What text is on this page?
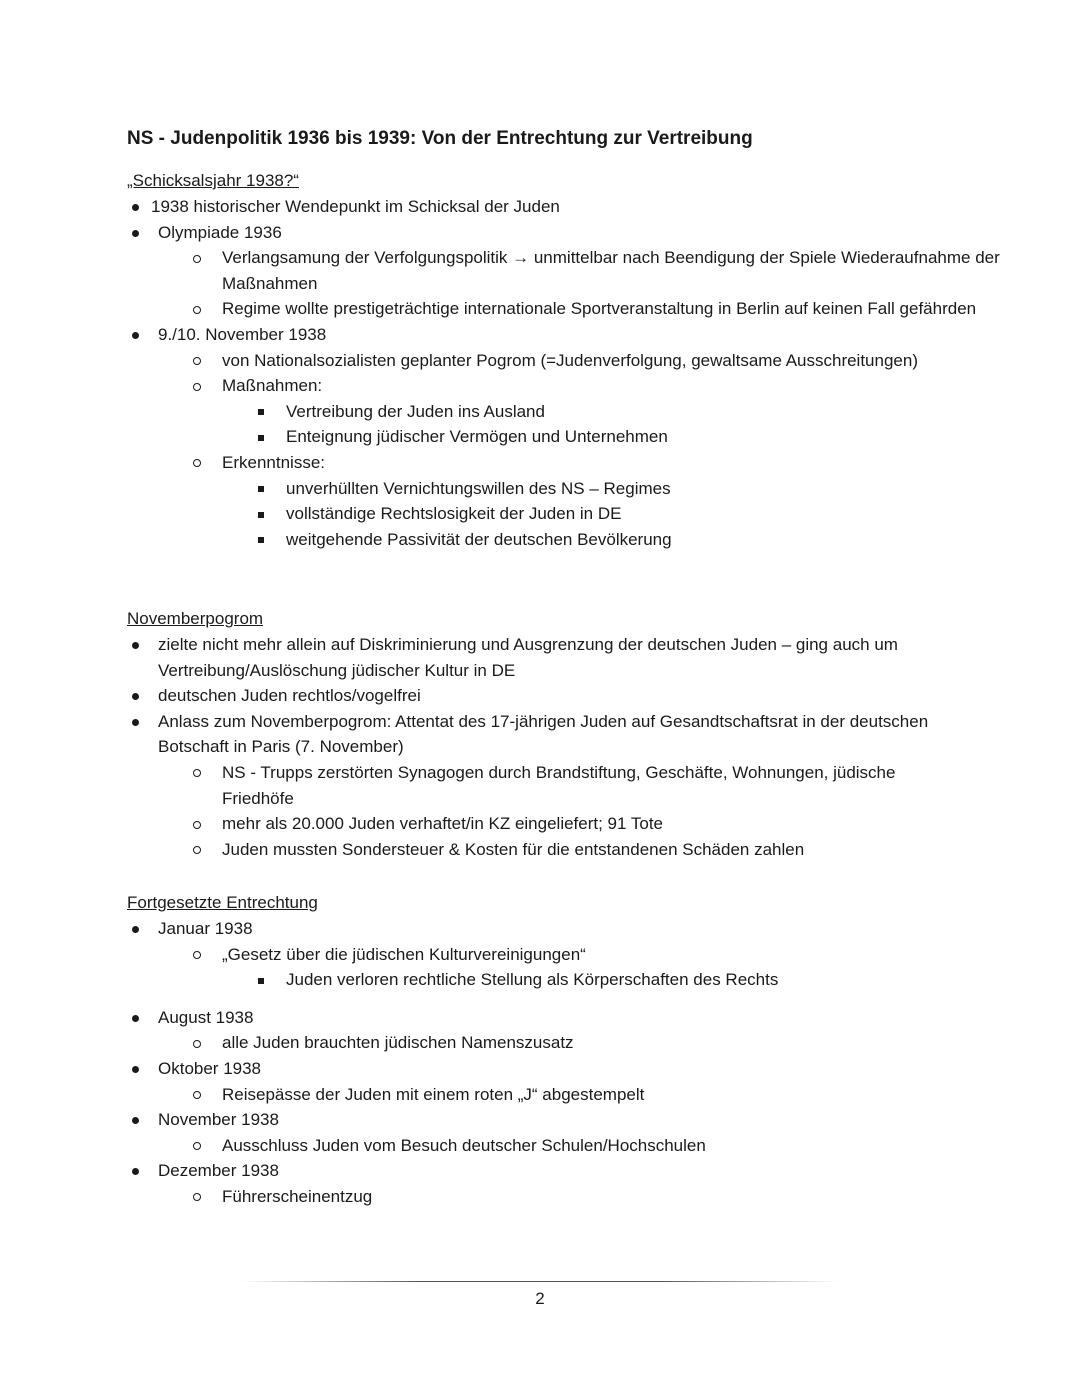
NS - Judenpolitik 1936 bis 1939: Von der Entrechtung zur Vertreibung
„Schicksalsjahr 1938?“
1938 historischer Wendepunkt im Schicksal der Juden
Olympiade 1936
Verlangsamung der Verfolgungspolitik → unmittelbar nach Beendigung der Spiele Wiederaufnahme der Maßnahmen
Regime wollte prestigeträchtige internationale Sportveranstaltung in Berlin auf keinen Fall gefährden
9./10. November 1938
von Nationalsozialisten geplanter Pogrom (=Judenverfolgung, gewaltsame Ausschreitungen)
Maßnahmen:
Vertreibung der Juden ins Ausland
Enteignung jüdischer Vermögen und Unternehmen
Erkenntnisse:
unverhüllten Vernichtungswillen des NS – Regimes
vollständige Rechtslosigkeit der Juden in DE
weitgehende Passivität der deutschen Bevölkerung
Novemberpogrom
zielte nicht mehr allein auf Diskriminierung und Ausgrenzung der deutschen Juden – ging auch um Vertreibung/Auslöschung jüdischer Kultur in DE
deutschen Juden rechtlos/vogelfrei
Anlass zum Novemberpogrom: Attentat des 17-jährigen Juden auf Gesandtschaftsrat in der deutschen Botschaft in Paris (7. November)
NS - Trupps zerstörten Synagogen durch Brandstiftung, Geschäfte, Wohnungen, jüdische Friedhöfe
mehr als 20.000 Juden verhaftet/in KZ eingeliefert; 91 Tote
Juden mussten Sondersteuer & Kosten für die entstandenen Schäden zahlen
Fortgesetzte Entrechtung
Januar 1938
„Gesetz über die jüdischen Kulturvereinigungen“
Juden verloren rechtliche Stellung als Körperschaften des Rechts
August 1938
alle Juden brauchten jüdischen Namenszusatz
Oktober 1938
Reisepässe der Juden mit einem roten „J“ abgestempelt
November 1938
Ausschluss Juden vom Besuch deutscher Schulen/Hochschulen
Dezember 1938
Führerscheinentzug
2
